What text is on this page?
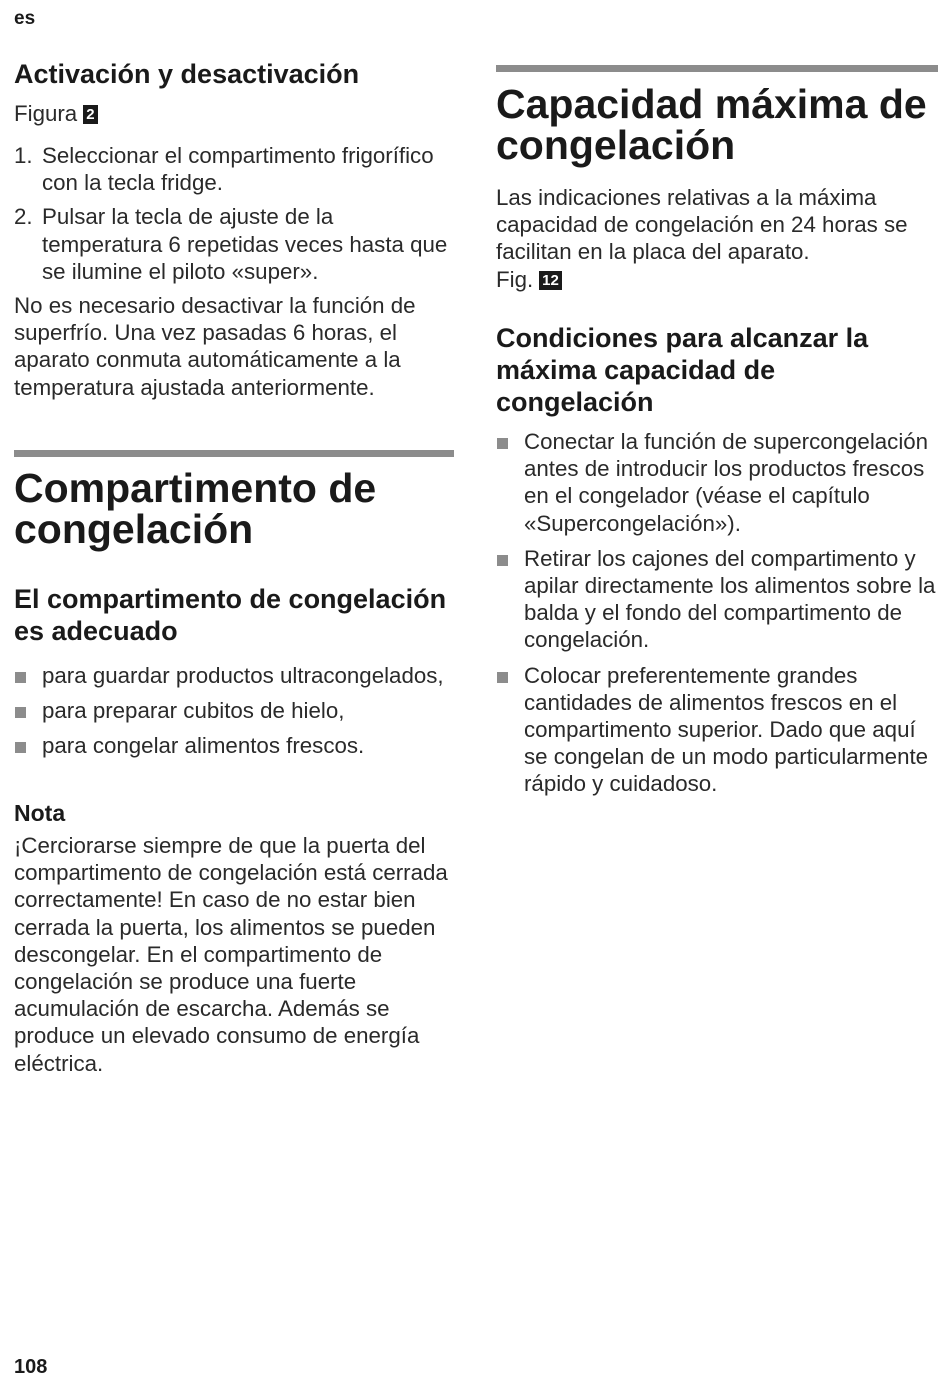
es
Activación y desactivación
Figura 2
1. Seleccionar el compartimento frigorífico con la tecla fridge.
2. Pulsar la tecla de ajuste de la temperatura 6 repetidas veces hasta que se ilumine el piloto «super».
No es necesario desactivar la función de superfrío. Una vez pasadas 6 horas, el aparato conmuta automáticamente a la temperatura ajustada anteriormente.
Compartimento de congelación
El compartimento de congelación es adecuado
para guardar productos ultracongelados,
para preparar cubitos de hielo,
para congelar alimentos frescos.
Nota
¡Cerciorarse siempre de que la puerta del compartimento de congelación está cerrada correctamente! En caso de no estar bien cerrada la puerta, los alimentos se pueden descongelar. En el compartimento de congelación se produce una fuerte acumulación de escarcha. Además se produce un elevado consumo de energía eléctrica.
Capacidad máxima de congelación
Las indicaciones relativas a la máxima capacidad de congelación en 24 horas se facilitan en la placa del aparato.
Fig. 12
Condiciones para alcanzar la máxima capacidad de congelación
Conectar la función de supercongelación antes de introducir los productos frescos en el congelador (véase el capítulo «Supercongelación»).
Retirar los cajones del compartimento y apilar directamente los alimentos sobre la balda y el fondo del compartimento de congelación.
Colocar preferentemente grandes cantidades de alimentos frescos en el compartimento superior. Dado que aquí se congelan de un modo particularmente rápido y cuidadoso.
108
